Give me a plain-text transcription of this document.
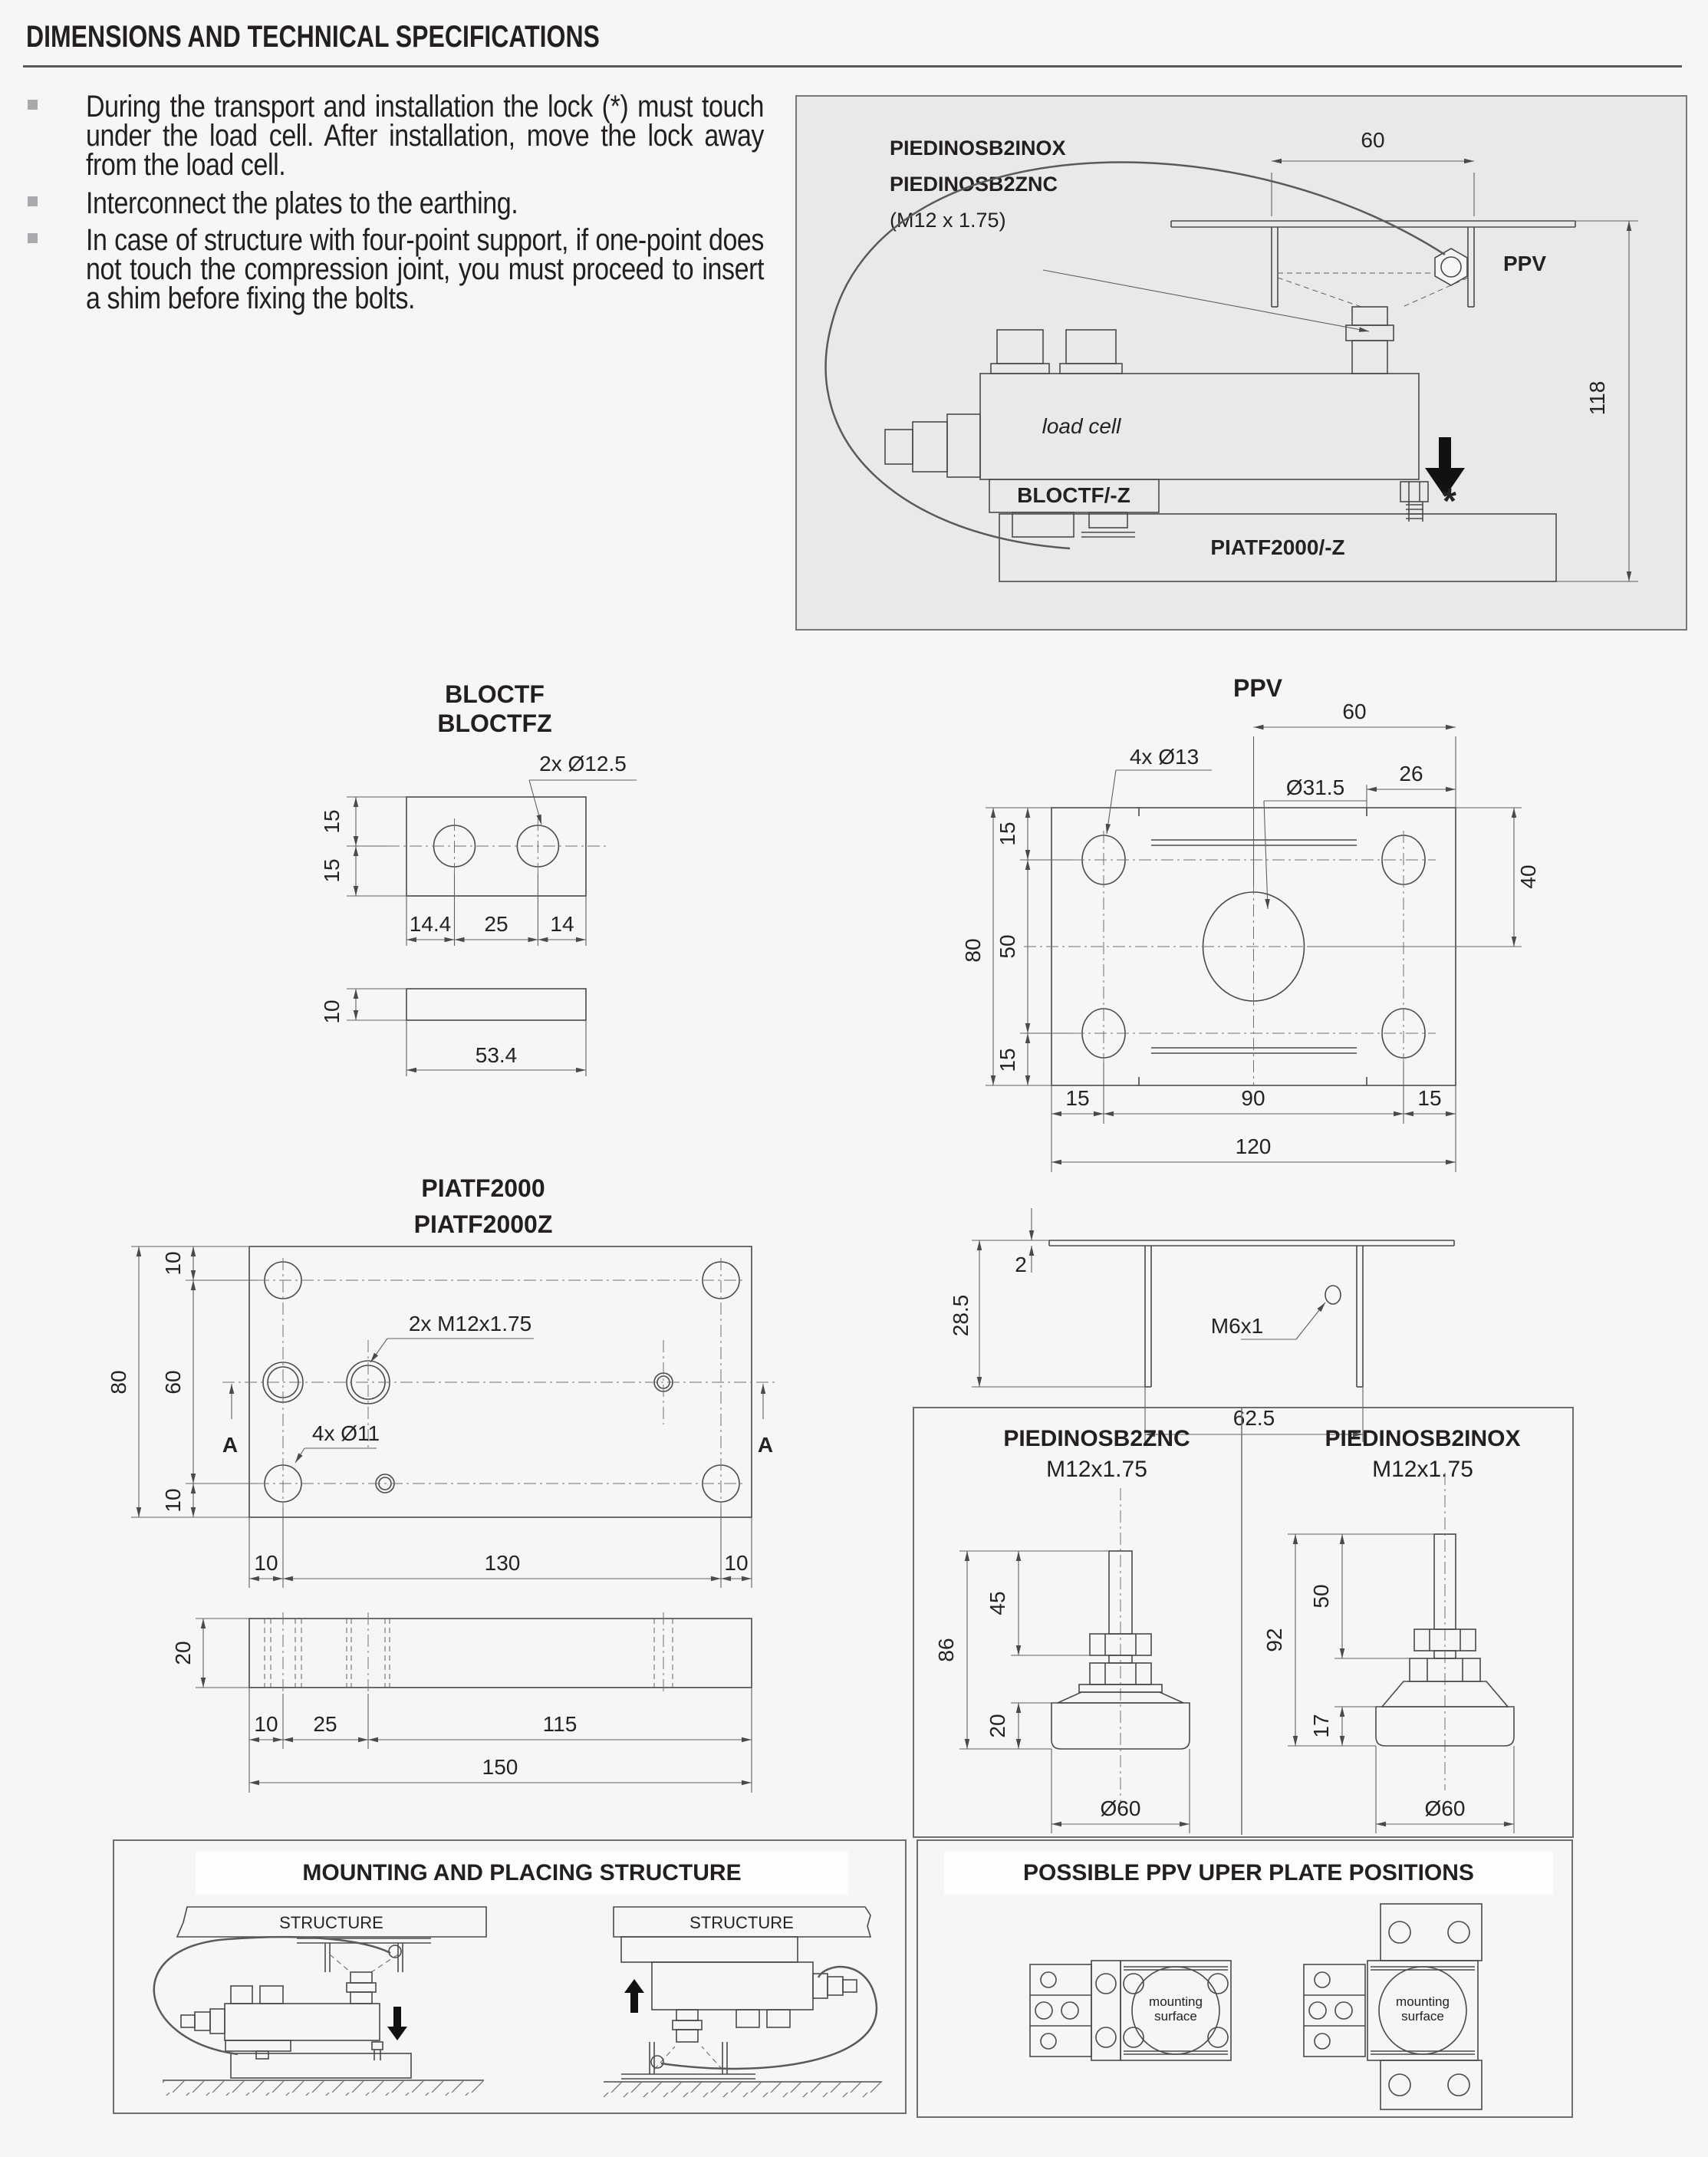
DIMENSIONS AND TECHNICAL SPECIFICATIONS
During the transport and installation the lock (*) must touch under the load cell. After installation, move the lock away from the load cell.
Interconnect the plates to the earthing.
In case of structure with four-point support, if one-point does not touch the compression joint, you must proceed to insert a shim before fixing the bolts.
PIEDINOSB2INOX
PIEDINOSB2ZNC
(M12 x 1.75)
60
118
PPV
load cell
*
BLOCTF/-Z
PIATF2000/-Z
BLOCTF
BLOCTFZ
15
15
14.4 25 14
10
53.4
2x Ø12.5
PPV
60
26
4x Ø13
Ø31.5
80
15
50
15
40
15	90	15
120
28.5
2
M6x1
62.5
PIATF2000
PIATF2000Z
A	A
2x M12x1.75
4x Ø11
10
60
10
80
10	130	10
20
10 25	115
150
PIEDINOSB2ZNC
M12x1.75
PIEDINOSB2INOX
M12x1.75
45
86
20
Ø60
50
92
17
Ø60
MOUNTING AND PLACING STRUCTURE
STRUCTURE	STRUCTURE
POSSIBLE PPV UPER PLATE POSITIONS
mounting surface
mounting surface
